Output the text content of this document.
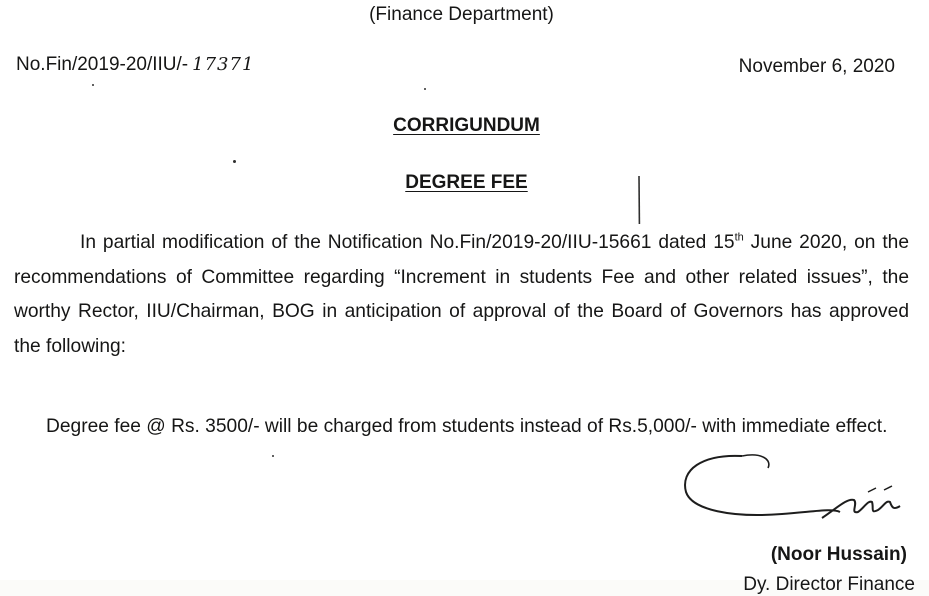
(Finance Department)
No.Fin/2019-20/IIU/- 17371	November 6, 2020
CORRIGUNDUM
DEGREE FEE
In partial modification of the Notification No.Fin/2019-20/IIU-15661 dated 15th June 2020, on the recommendations of Committee regarding “Increment in students Fee and other related issues”, the worthy Rector, IIU/Chairman, BOG in anticipation of approval of the Board of Governors has approved the following:
Degree fee @ Rs. 3500/- will be charged from students instead of Rs.5,000/- with immediate effect.
(Noor Hussain)
Dy. Director Finance
